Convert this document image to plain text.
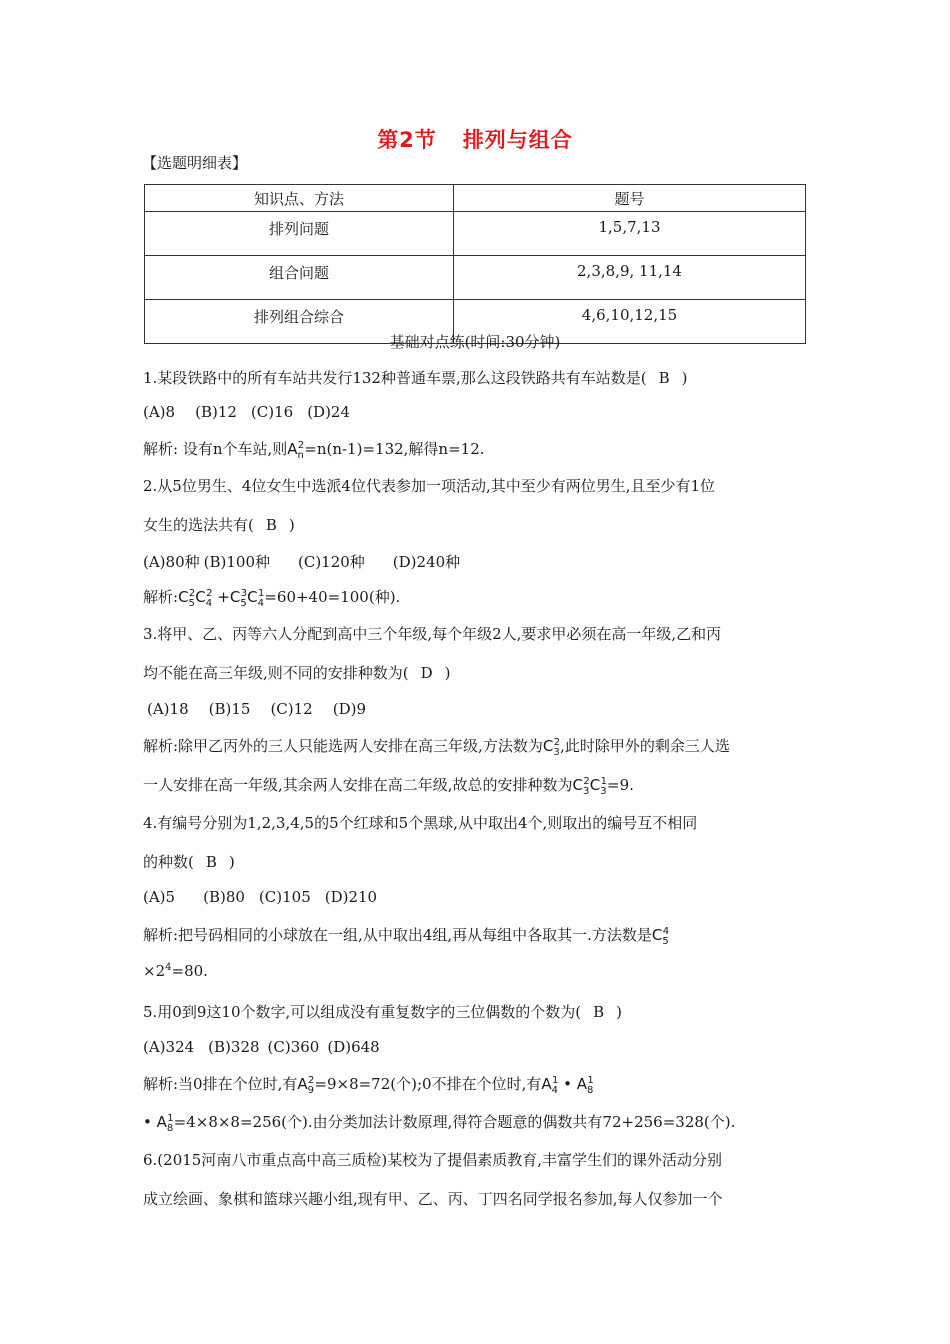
第2节 排列与组合
【选题明细表】
知识点、方法	题号
排列问题	1,5,7,13
组合问题	2,3,8,9, 11,14
排列组合综合	4,6,10,12,15
基础对点练(时间:30分钟)
1.某段铁路中的所有车站共发行132种普通车票,那么这段铁路共有车站数是( B )
(A)8 (B)12 (C)16 (D)24
解析: 设有n个车站,则$A_n^2=n(n-1)=132$,解得n=12.
2.从5位男生、4位女生中选派4位代表参加一项活动,其中至少有两位男生,且至少有1位
女生的选法共有( B )
(A)80种 (B)100种 (C)120种 (D)240种
解析$:C_5^2C_4^2 +C_5^3C_4^1=60+40=100$(种).
3.将甲、乙、丙等六人分配到高中三个年级,每个年级2人,要求甲必须在高一年级,乙和丙
均不能在高三年级,则不同的安排种数为( D )
(A)18 (B)15 (C)12 (D)9
解析:除甲乙丙外的三人只能选两人安排在高三年级,方法数为$C_3^2$,此时除甲外的剩余三人选
一人安排在高一年级,其余两人安排在高二年级,故总的安排种数为$C_3^2C_3^1=9$.
4.有编号分别为1,2,3,4,5的5个红球和5个黑球,从中取出4个,则取出的编号互不相同
的种数( B )
(A)5 (B)80 (C)105 (D)210
解析:把号码相同的小球放在一组,从中取出4组,再从每组中各取其一.方法数是$C_5^4$
$\times 2^4=80$.
5.用0到9这10个数字,可以组成没有重复数字的三位偶数的个数为( B )
(A)324 (B)328 (C)360 (D)648
解析:当0排在个位时,有$A_9^2=9\times 8=72$(个);0不排在个位时,有$A_4^1$ • $A_8^1$
• $A_8^1=4\times 8\times 8=256$(个).由分类加法计数原理,得符合题意的偶数共有72+256=328(个).
6.(2015河南八市重点高中高三质检)某校为了提倡素质教育,丰富学生们的课外活动分别
成立绘画、象棋和篮球兴趣小组,现有甲、乙、丙、丁四名同学报名参加,每人仅参加一个
